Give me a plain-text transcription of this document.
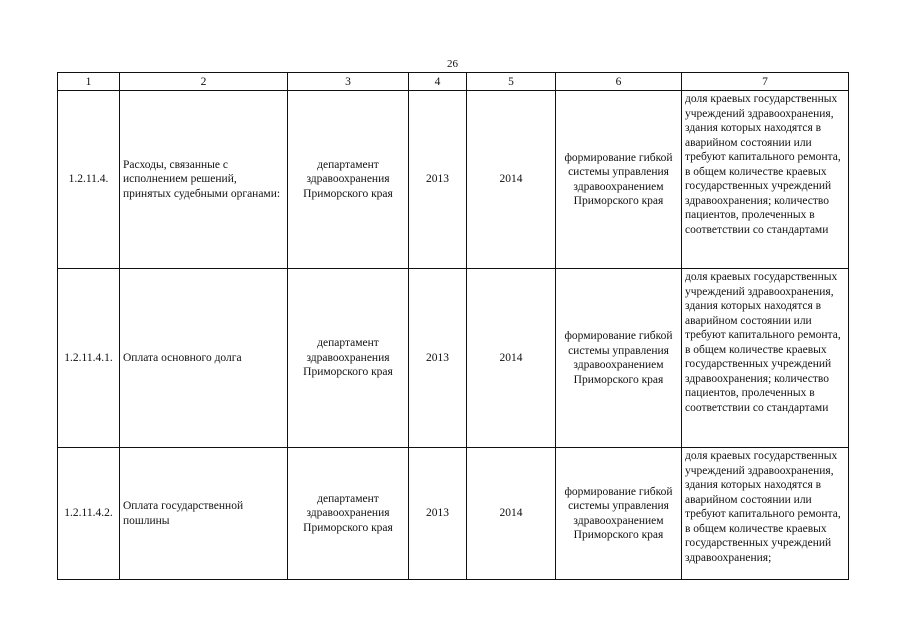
26
1	2	3	4	5	6	7
1.2.11.4.	Расходы, связанные с исполнением решений, принятых судебными органами:	департамент здравоохранения Приморского края	2013	2014	формирование гибкой системы управления здравоохранением Приморского края	доля краевых государственных учреждений здравоохранения, здания которых находятся в аварийном состоянии или требуют капитального ремонта, в общем количестве краевых государственных учреждений здравоохранения; количество пациентов, пролеченных в соответствии со стандартами
1.2.11.4.1.	Оплата основного долга	департамент здравоохранения Приморского края	2013	2014	формирование гибкой системы управления здравоохранением Приморского края	доля краевых государственных учреждений здравоохранения, здания которых находятся в аварийном состоянии или требуют капитального ремонта, в общем количестве краевых государственных учреждений здравоохранения; количество пациентов, пролеченных в соответствии со стандартами
1.2.11.4.2.	Оплата государственной пошлины	департамент здравоохранения Приморского края	2013	2014	формирование гибкой системы управления здравоохранением Приморского края	доля краевых государственных учреждений здравоохранения, здания которых находятся в аварийном состоянии или требуют капитального ремонта, в общем количестве краевых государственных учреждений здравоохранения;
